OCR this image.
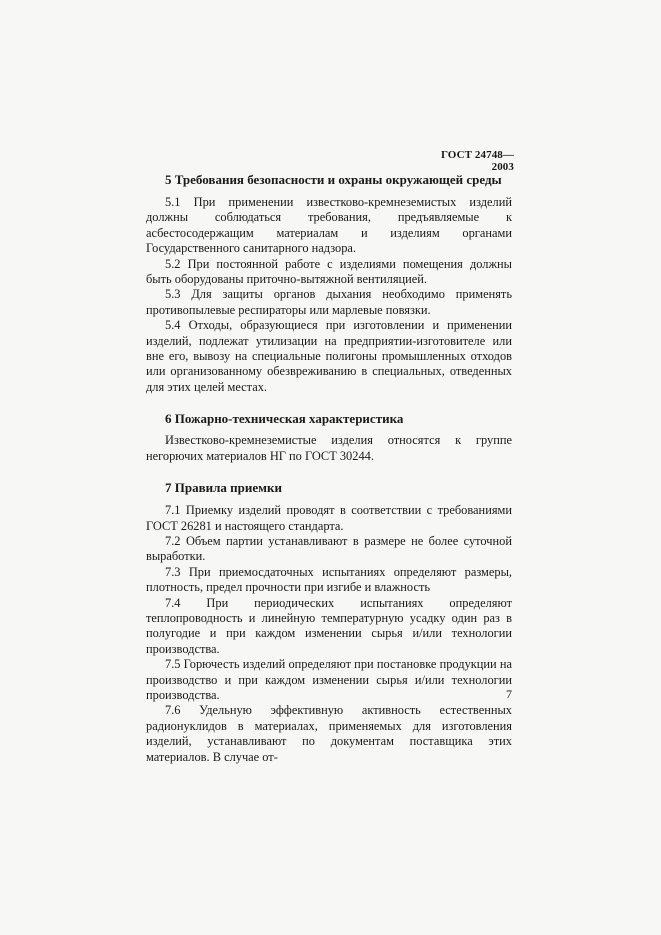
ГОСТ 24748—2003
5 Требования безопасности и охраны окружающей среды

5.1 При применении известково-кремнеземистых изделий должны соблюдаться требования, предъявляемые к асбестосодержащим материалам и изделиям органами Государственного санитарного надзора.

5.2 При постоянной работе с изделиями помещения должны быть оборудованы приточно-вытяжной вентиляцией.

5.3 Для защиты органов дыхания необходимо применять противопылевые респираторы или марлевые повязки.

5.4 Отходы, образующиеся при изготовлении и применении изделий, подлежат утилизации на предприятии-изготовителе или вне его, вывозу на специальные полигоны промышленных отходов или организованному обезвреживанию в специальных, отведенных для этих целей местах.

6 Пожарно-техническая характеристика

Известково-кремнеземистые изделия относятся к группе негорючих материалов НГ по ГОСТ 30244.

7 Правила приемки

7.1 Приемку изделий проводят в соответствии с требованиями ГОСТ 26281 и настоящего стандарта.

7.2 Объем партии устанавливают в размере не более суточной выработки.

7.3 При приемосдаточных испытаниях определяют размеры, плотность, предел прочности при изгибе и влажность

7.4 При периодических испытаниях определяют теплопроводность и линейную температурную усадку один раз в полугодие и при каждом изменении сырья и/или технологии производства.

7.5 Горючесть изделий определяют при постановке продукции на производство и при каждом изменении сырья и/или технологии производства.

7.6 Удельную эффективную активность естественных радионуклидов в материалах, применяемых для изготовления изделий, устанавливают по документам поставщика этих материалов. В случае от-

7
